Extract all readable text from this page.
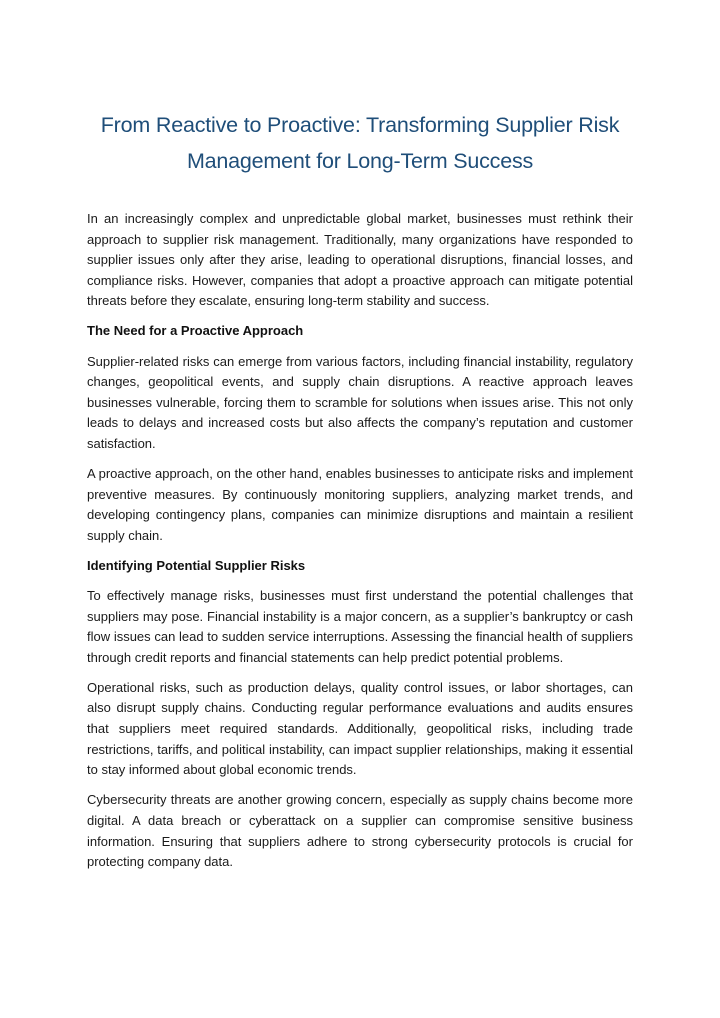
From Reactive to Proactive: Transforming Supplier Risk Management for Long-Term Success

In an increasingly complex and unpredictable global market, businesses must rethink their approach to supplier risk management. Traditionally, many organizations have responded to supplier issues only after they arise, leading to operational disruptions, financial losses, and compliance risks. However, companies that adopt a proactive approach can mitigate potential threats before they escalate, ensuring long-term stability and success.

The Need for a Proactive Approach

Supplier-related risks can emerge from various factors, including financial instability, regulatory changes, geopolitical events, and supply chain disruptions. A reactive approach leaves businesses vulnerable, forcing them to scramble for solutions when issues arise. This not only leads to delays and increased costs but also affects the company’s reputation and customer satisfaction.

A proactive approach, on the other hand, enables businesses to anticipate risks and implement preventive measures. By continuously monitoring suppliers, analyzing market trends, and developing contingency plans, companies can minimize disruptions and maintain a resilient supply chain.

Identifying Potential Supplier Risks

To effectively manage risks, businesses must first understand the potential challenges that suppliers may pose. Financial instability is a major concern, as a supplier’s bankruptcy or cash flow issues can lead to sudden service interruptions. Assessing the financial health of suppliers through credit reports and financial statements can help predict potential problems.

Operational risks, such as production delays, quality control issues, or labor shortages, can also disrupt supply chains. Conducting regular performance evaluations and audits ensures that suppliers meet required standards. Additionally, geopolitical risks, including trade restrictions, tariffs, and political instability, can impact supplier relationships, making it essential to stay informed about global economic trends.

Cybersecurity threats are another growing concern, especially as supply chains become more digital. A data breach or cyberattack on a supplier can compromise sensitive business information. Ensuring that suppliers adhere to strong cybersecurity protocols is crucial for protecting company data.
